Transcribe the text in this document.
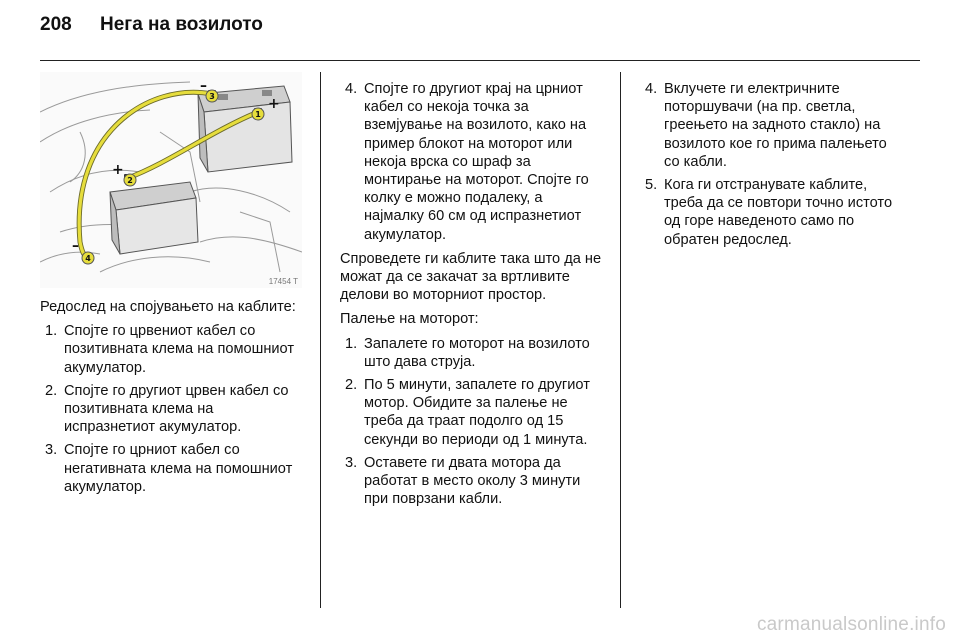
208 Нега на возилото
–
+
+
–
1
2
3
4
17454 T

Редослед на спојувањето на каблите:

1. Спојте го црвениот кабел со позитивната клема на помошниот акумулатор.
2. Спојте го другиот црвен кабел со позитивната клема на испразнетиот акумулатор.
3. Спојте го црниот кабел со негативната клема на помошниот акумулатор.
4. Спојте го другиот крај на црниот кабел со некоја точка за вземјување на возилото, како на пример блокот на моторот или некоја врска со шраф за монтирање на моторот. Спојте го колку е можно подалеку, а најмалку 60 см од испразнетиот акумулатор.

Спроведете ги каблите така што да не можат да се закачат за вртливите делови во моторниот простор.

Палење на моторот:

1. Запалете го моторот на возилото што дава струја.
2. По 5 минути, запалете го другиот мотор. Обидите за палење не треба да траат подолго од 15 секунди во периоди од 1 минута.
3. Оставете ги двата мотора да работат в место околу 3 минути при поврзани кабли.
4. Вклучете ги електричните поторшувачи (на пр. светла, греењето на задното стакло) на возилото кое го прима палењето со кабли.
5. Кога ги отстранувате каблите, треба да се повтори точно истото од горе наведеното само по обратен редослед.
carmanualsonline.info
